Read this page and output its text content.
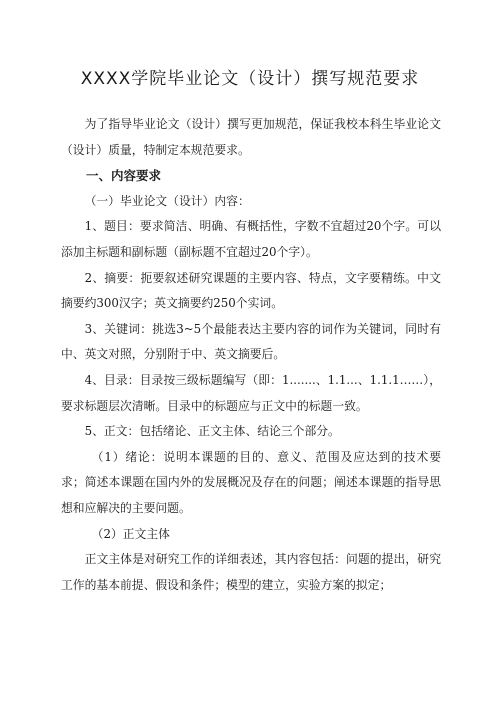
XXXX学院毕业论文（设计）撰写规范要求

为了指导毕业论文（设计）撰写更加规范，保证我校本科生毕业论文（设计）质量，特制定本规范要求。

一、内容要求

（一）毕业论文（设计）内容：

1、题目：要求简洁、明确、有概括性，字数不宜超过20个字。可以添加主标题和副标题（副标题不宜超过20个字）。

2、摘要：扼要叙述研究课题的主要内容、特点，文字要精练。中文摘要约300汉字；英文摘要约250个实词。

3、关键词：挑选3~5个最能表达主要内容的词作为关键词，同时有中、英文对照，分别附于中、英文摘要后。

4、目录：目录按三级标题编写（即：1.......、1.1...、1.1.1……），要求标题层次清晰。目录中的标题应与正文中的标题一致。

5、正文：包括绪论、正文主体、结论三个部分。

（1）绪论：说明本课题的目的、意义、范围及应达到的技术要求；简述本课题在国内外的发展概况及存在的问题；阐述本课题的指导思想和应解决的主要问题。

（2）正文主体

正文主体是对研究工作的详细表述，其内容包括：问题的提出，研究工作的基本前提、假设和条件；模型的建立，实验方案的拟定；
